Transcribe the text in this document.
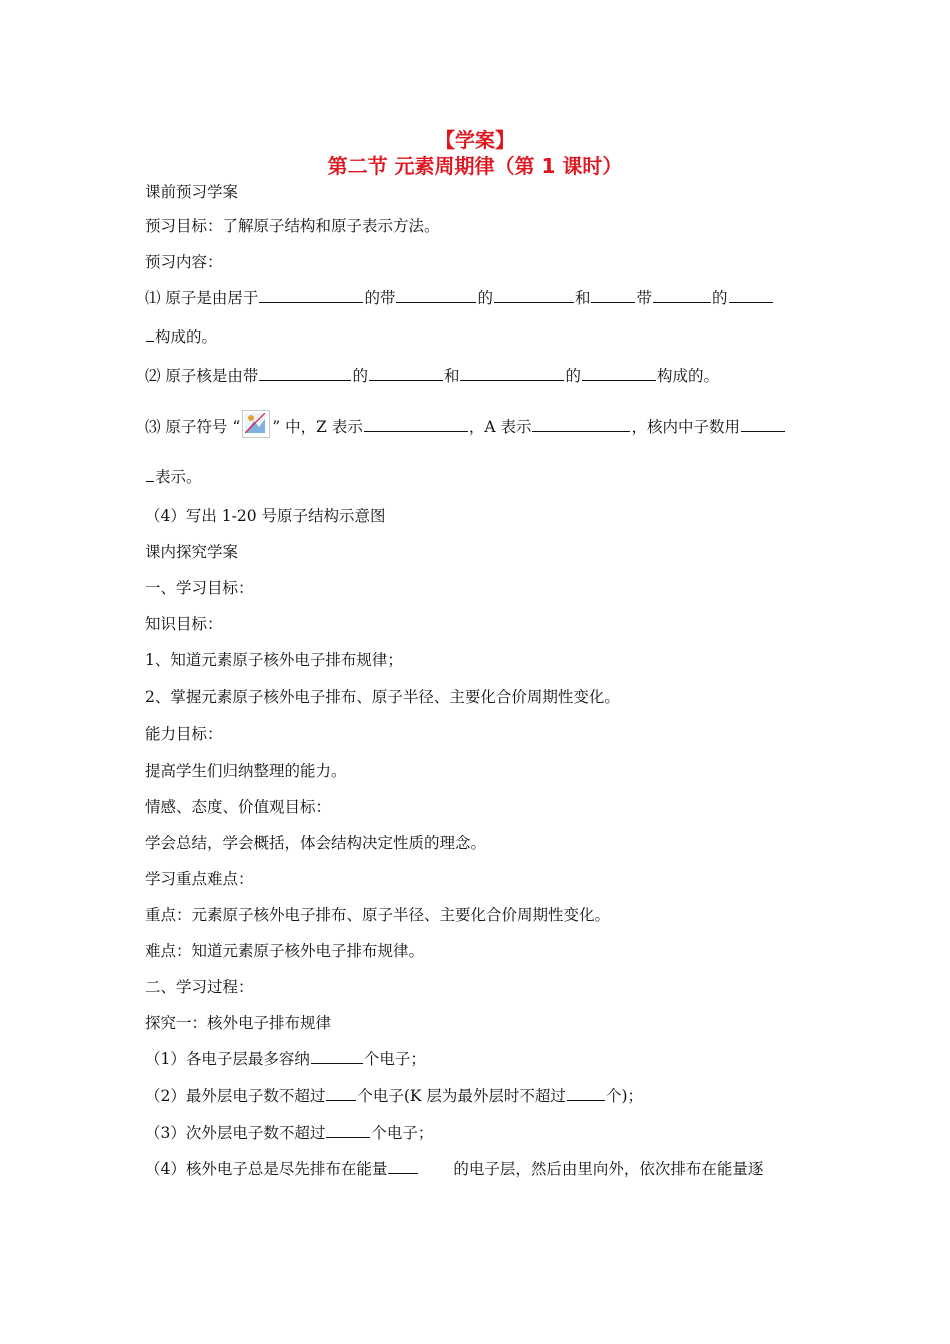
【学案】
第二节 元素周期律（第 1 课时）
课前预习学案
预习目标：了解原子结构和原子表示方法。
预习内容：
⑴ 原子是由居于	的带	的	和	带	的
构成的。
⑵ 原子核是由带	的	和	的	构成的。
⑶ 原子符号 “ ” 中，Z 表示	，A 表示	，核内中子数用
表示。
（4）写出 1-20 号原子结构示意图
课内探究学案
一、学习目标：
知识目标：
1、知道元素原子核外电子排布规律；
2、掌握元素原子核外电子排布、原子半径、主要化合价周期性变化。
能力目标：
提高学生们归纳整理的能力。
情感、态度、价值观目标：
学会总结，学会概括，体会结构决定性质的理念。
学习重点难点：
重点：元素原子核外电子排布、原子半径、主要化合价周期性变化。
难点：知道元素原子核外电子排布规律。
二、学习过程：
探究一：核外电子排布规律
（1）各电子层最多容纳	个电子；
（2）最外层电子数不超过 个电子(K 层为最外层时不超过	个)；
（3）次外层电子数不超过	个电子；
（4）核外电子总是尽先排布在能量	的电子层，然后由里向外，依次排布在能量逐
